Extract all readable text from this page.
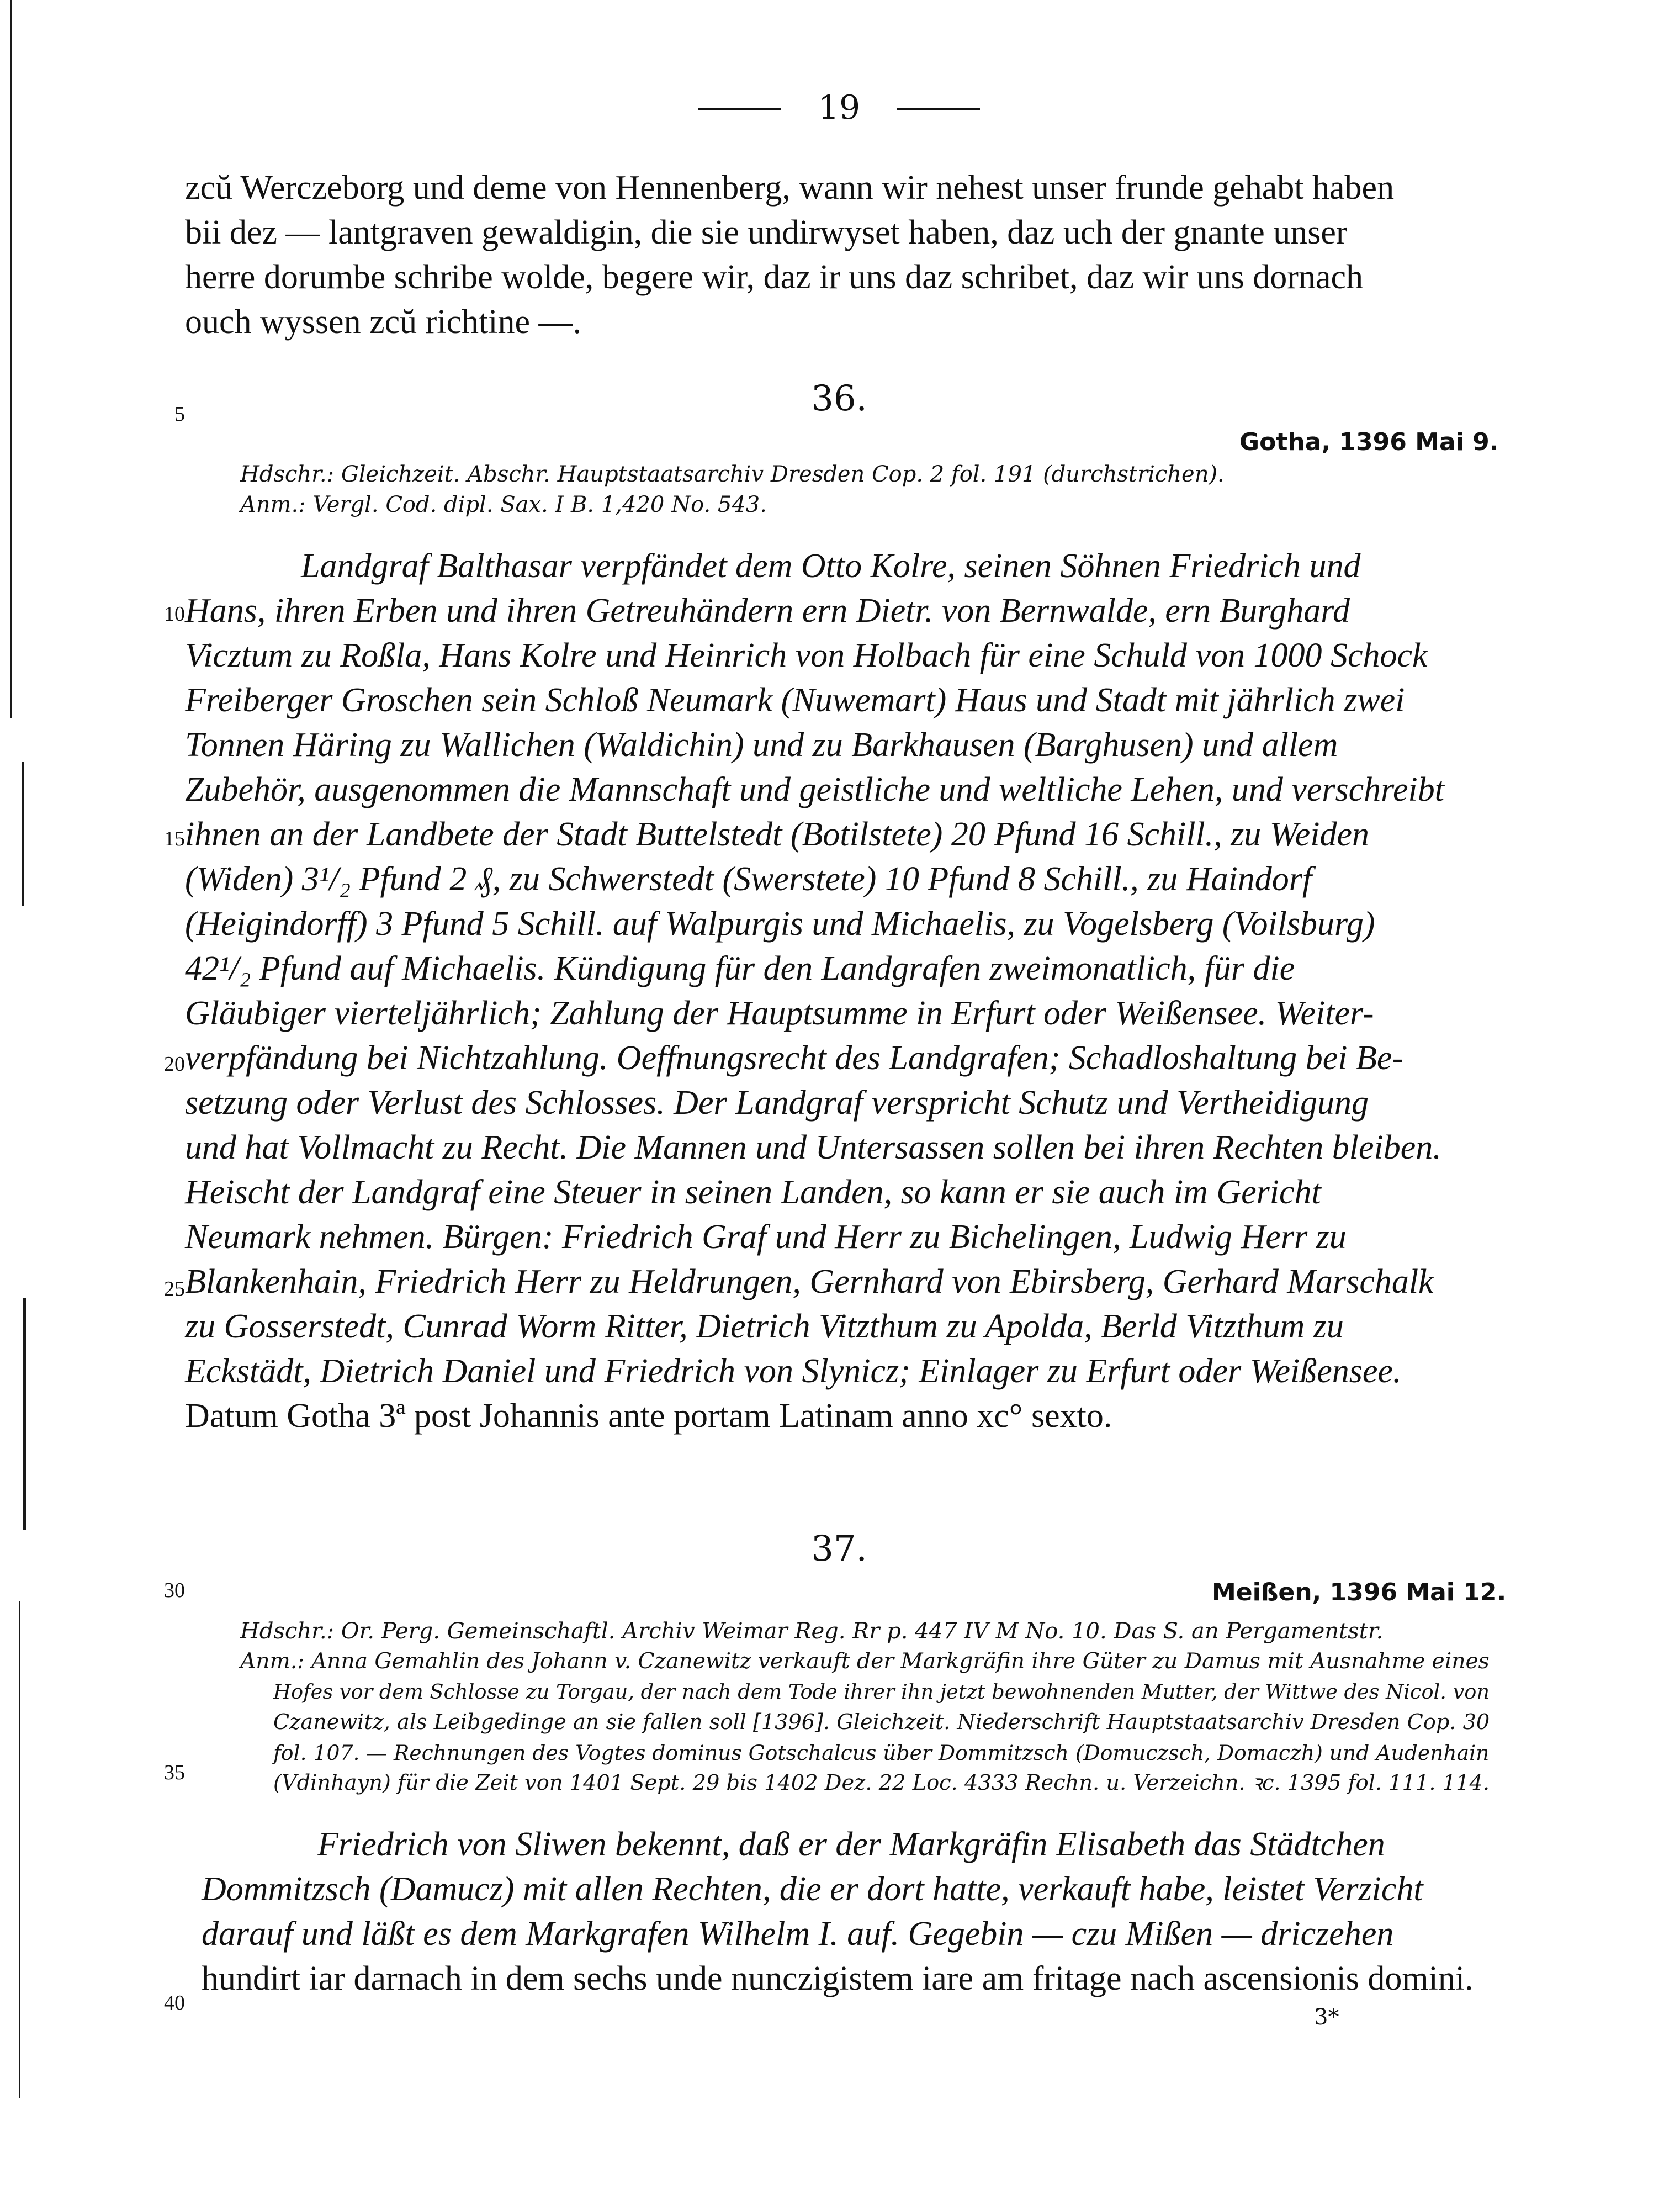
19
zcŭ Werczeborg und deme von Hennenberg, wann wir nehest unser frunde gehabt haben
bii dez — lantgraven gewaldigin, die sie undirwyset haben, daz uch der gnante unser
herre dorumbe schribe wolde, begere wir, daz ir uns daz schribet, daz wir uns dornach
ouch wyssen zcŭ richtine —.
5
10
15
20
25
30
35
40
36.
Gotha, 1396 Mai 9.
Hdschr.: Gleichzeit. Abschr. Hauptstaatsarchiv Dresden Cop. 2 fol. 191 (durchstrichen).
Anm.: Vergl. Cod. dipl. Sax. I B. 1,420 No. 543.
Landgraf Balthasar verpfändet dem Otto Kolre, seinen Söhnen Friedrich und
Hans, ihren Erben und ihren Getreuhändern ern Dietr. von Bernwalde, ern Burghard
Vicztum zu Roßla, Hans Kolre und Heinrich von Holbach für eine Schuld von 1000 Schock
Freiberger Groschen sein Schloß Neumark (Nuwemart) Haus und Stadt mit jährlich zwei
Tonnen Häring zu Wallichen (Waldichin) und zu Barkhausen (Barghusen) und allem
Zubehör, ausgenommen die Mannschaft und geistliche und weltliche Lehen, und verschreibt
ihnen an der Landbete der Stadt Buttelstedt (Botilstete) 20 Pfund 16 Schill., zu Weiden
(Widen) 3¹/₂ Pfund 2 ₰, zu Schwerstedt (Swerstete) 10 Pfund 8 Schill., zu Haindorf
(Heigindorff) 3 Pfund 5 Schill. auf Walpurgis und Michaelis, zu Vogelsberg (Voilsburg)
42¹/₂ Pfund auf Michaelis. Kündigung für den Landgrafen zweimonatlich, für die
Gläubiger vierteljährlich; Zahlung der Hauptsumme in Erfurt oder Weißensee. Weiter-
verpfändung bei Nichtzahlung. Oeffnungsrecht des Landgrafen; Schadloshaltung bei Be-
setzung oder Verlust des Schlosses. Der Landgraf verspricht Schutz und Vertheidigung
und hat Vollmacht zu Recht. Die Mannen und Untersassen sollen bei ihren Rechten bleiben.
Heischt der Landgraf eine Steuer in seinen Landen, so kann er sie auch im Gericht
Neumark nehmen. Bürgen: Friedrich Graf und Herr zu Bichelingen, Ludwig Herr zu
Blankenhain, Friedrich Herr zu Heldrungen, Gernhard von Ebirsberg, Gerhard Marschalk
zu Gosserstedt, Cunrad Worm Ritter, Dietrich Vitzthum zu Apolda, Berld Vitzthum zu
Eckstädt, Dietrich Daniel und Friedrich von Slynicz; Einlager zu Erfurt oder Weißensee.
Datum Gotha 3ª post Johannis ante portam Latinam anno xc° sexto.
37.
Meißen, 1396 Mai 12.
Hdschr.: Or. Perg. Gemeinschaftl. Archiv Weimar Reg. Rr p. 447 IV M No. 10. Das S. an Pergamentstr.
Anm.: Anna Gemahlin des Johann v. Czanewitz verkauft der Markgräfin ihre Güter zu Damus mit Ausnahme eines
Hofes vor dem Schlosse zu Torgau, der nach dem Tode ihrer ihn jetzt bewohnenden Mutter, der Wittwe des Nicol. von
Czanewitz, als Leibgedinge an sie fallen soll [1396]. Gleichzeit. Niederschrift Hauptstaatsarchiv Dresden Cop. 30
fol. 107. — Rechnungen des Vogtes dominus Gotschalcus über Dommitzsch (Domuczsch, Domaczh) und Audenhain
(Vdinhayn) für die Zeit von 1401 Sept. 29 bis 1402 Dez. 22 Loc. 4333 Rechn. u. Verzeichn. ꝛc. 1395 fol. 111. 114.
Friedrich von Sliwen bekennt, daß er der Markgräfin Elisabeth das Städtchen
Dommitzsch (Damucz) mit allen Rechten, die er dort hatte, verkauft habe, leistet Verzicht
darauf und läßt es dem Markgrafen Wilhelm I. auf. Gegebin — czu Mißen — driczehen
hundirt iar darnach in dem sechs unde nunczigistem iare am fritage nach ascensionis domini.
3*
